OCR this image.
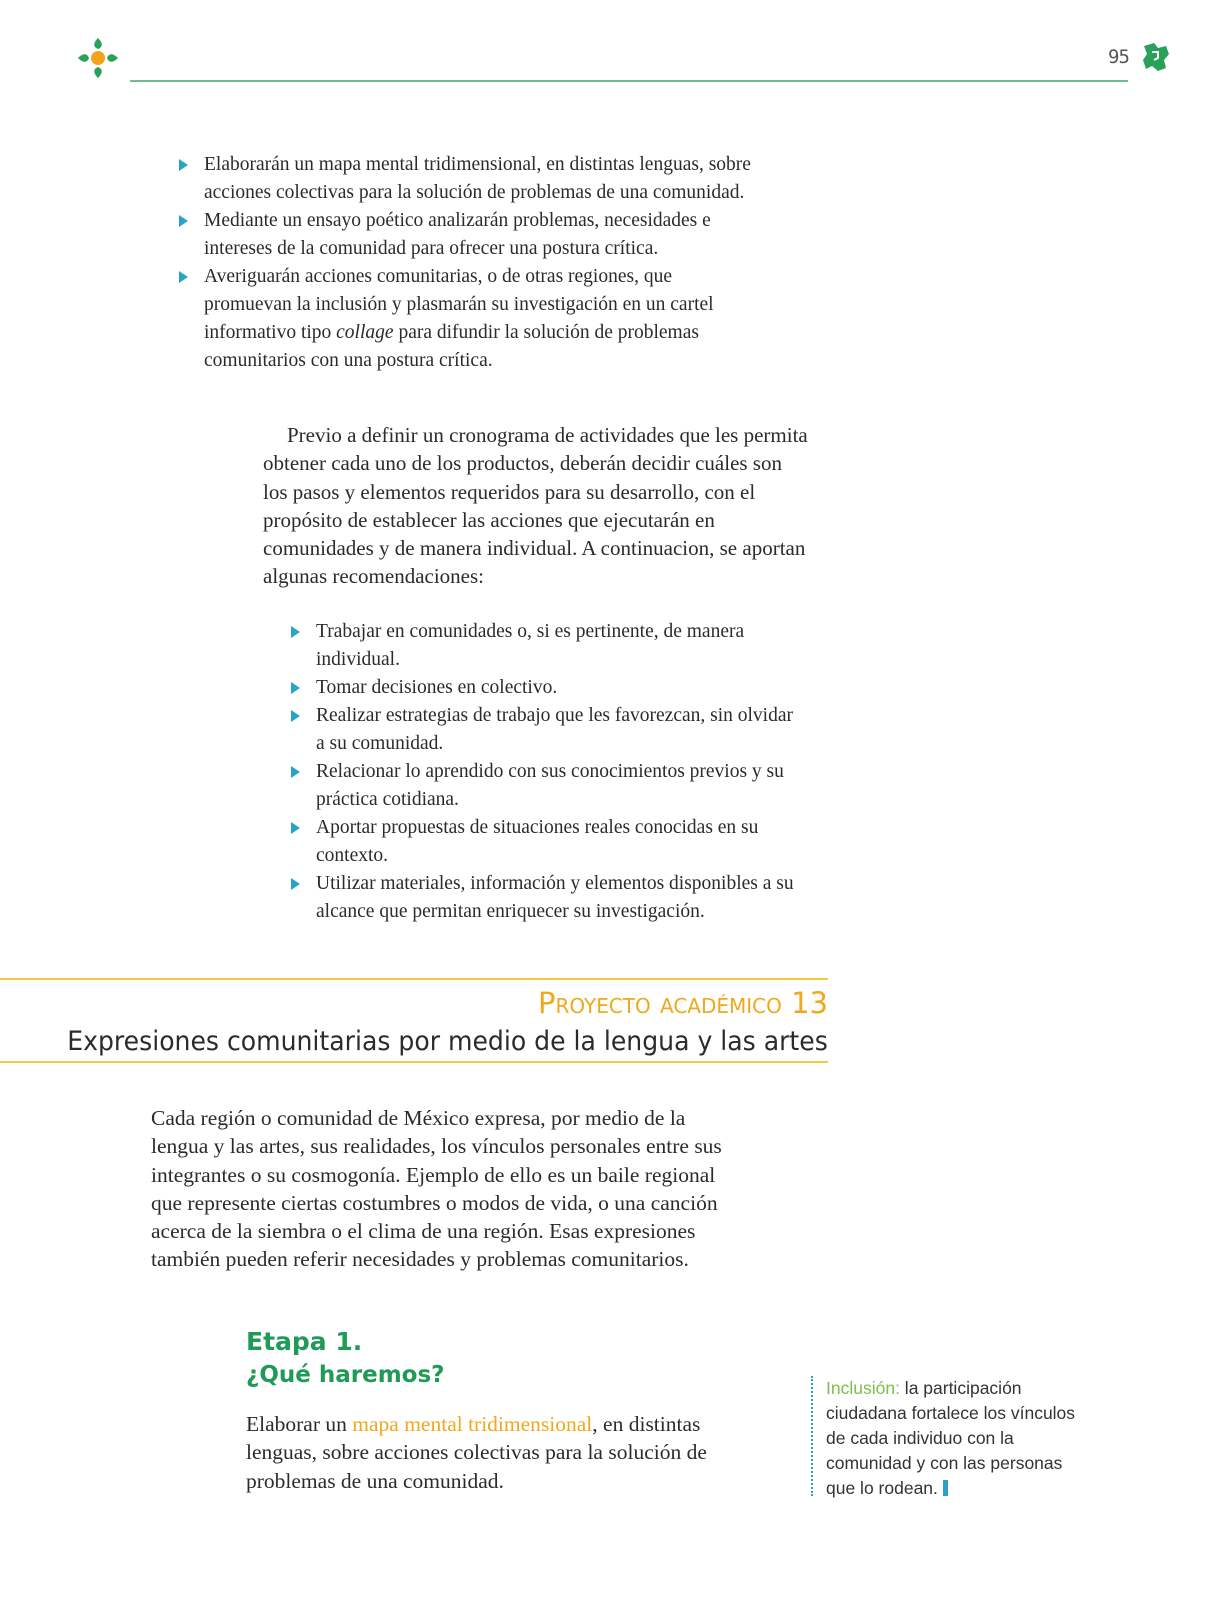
95
Elaborarán un mapa mental tridimensional, en distintas lenguas, sobre acciones colectivas para la solución de problemas de una comunidad.
Mediante un ensayo poético analizarán problemas, necesidades e intereses de la comunidad para ofrecer una postura crítica.
Averiguarán acciones comunitarias, o de otras regiones, que promuevan la inclusión y plasmarán su investigación en un cartel informativo tipo collage para difundir la solución de problemas comunitarios con una postura crítica.

Previo a definir un cronograma de actividades que les permita obtener cada uno de los productos, deberán decidir cuáles son los pasos y elementos requeridos para su desarrollo, con el propósito de establecer las acciones que ejecutarán en comunidades y de manera individual. A continuacion, se aportan algunas recomendaciones:

Trabajar en comunidades o, si es pertinente, de manera individual.
Tomar decisiones en colectivo.
Realizar estrategias de trabajo que les favorezcan, sin olvidar a su comunidad.
Relacionar lo aprendido con sus conocimientos previos y su práctica cotidiana.
Aportar propuestas de situaciones reales conocidas en su contexto.
Utilizar materiales, información y elementos disponibles a su alcance que permitan enriquecer su investigación.
Proyecto académico 13
Expresiones comunitarias por medio de la lengua y las artes

Cada región o comunidad de México expresa, por medio de la lengua y las artes, sus realidades, los vínculos personales entre sus integrantes o su cosmogonía. Ejemplo de ello es un baile regional que represente ciertas costumbres o modos de vida, o una canción acerca de la siembra o el clima de una región. Esas expresiones también pueden referir necesidades y problemas comunitarios.

Etapa 1.
¿Qué haremos?

Elaborar un mapa mental tridimensional, en distintas lenguas, sobre acciones colectivas para la solución de problemas de una comunidad.

Inclusión: la participación ciudadana fortalece los vínculos de cada individuo con la comunidad y con las personas que lo rodean.
